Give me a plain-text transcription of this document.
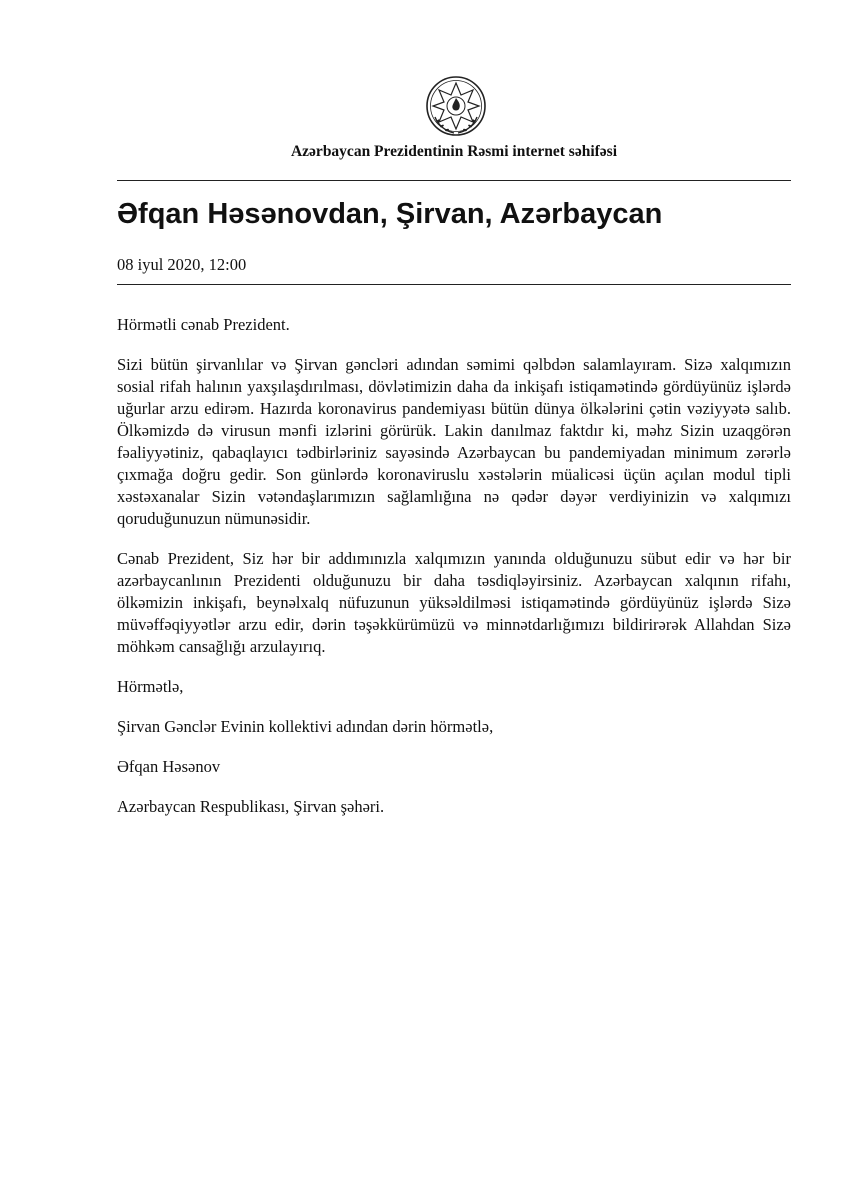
Azərbaycan Prezidentinin Rəsmi internet səhifəsi
Əfqan Həsənovdan, Şirvan, Azərbaycan
08 iyul 2020, 12:00

Hörmətli cənab Prezident.

Sizi bütün şirvanlılar və Şirvan gəncləri adından səmimi qəlbdən salamlayıram. Sizə xalqımızın sosial rifah halının yaxşılaşdırılması, dövlətimizin daha da inkişafı istiqamətində gördüyünüz işlərdə uğurlar arzu edirəm. Hazırda koronavirus pandemiyası bütün dünya ölkələrini çətin vəziyyətə salıb. Ölkəmizdə də virusun mənfi izlərini görürük. Lakin danılmaz faktdır ki, məhz Sizin uzaqgörən fəaliyyətiniz, qabaqlayıcı tədbirləriniz sayəsində Azərbaycan bu pandemiyadan minimum zərərlə çıxmağa doğru gedir. Son günlərdə koronaviruslu xəstələrin müalicəsi üçün açılan modul tipli xəstəxanalar Sizin vətəndaşlarımızın sağlamlığına nə qədər dəyər verdiyinizin və xalqımızı qoruduğunuzun nümunəsidir.

Cənab Prezident, Siz hər bir addımınızla xalqımızın yanında olduğunuzu sübut edir və hər bir azərbaycanlının Prezidenti olduğunuzu bir daha təsdiqləyirsiniz. Azərbaycan xalqının rifahı, ölkəmizin inkişafı, beynəlxalq nüfuzunun yüksəldilməsi istiqamətində gördüyünüz işlərdə Sizə müvəffəqiyyətlər arzu edir, dərin təşəkkürümüzü və minnətdarlığımızı bildirirərək Allahdan Sizə möhkəm cansağlığı arzulayırıq.

Hörmətlə,

Şirvan Gənclər Evinin kollektivi adından dərin hörmətlə,

Əfqan Həsənov

Azərbaycan Respublikası, Şirvan şəhəri.
